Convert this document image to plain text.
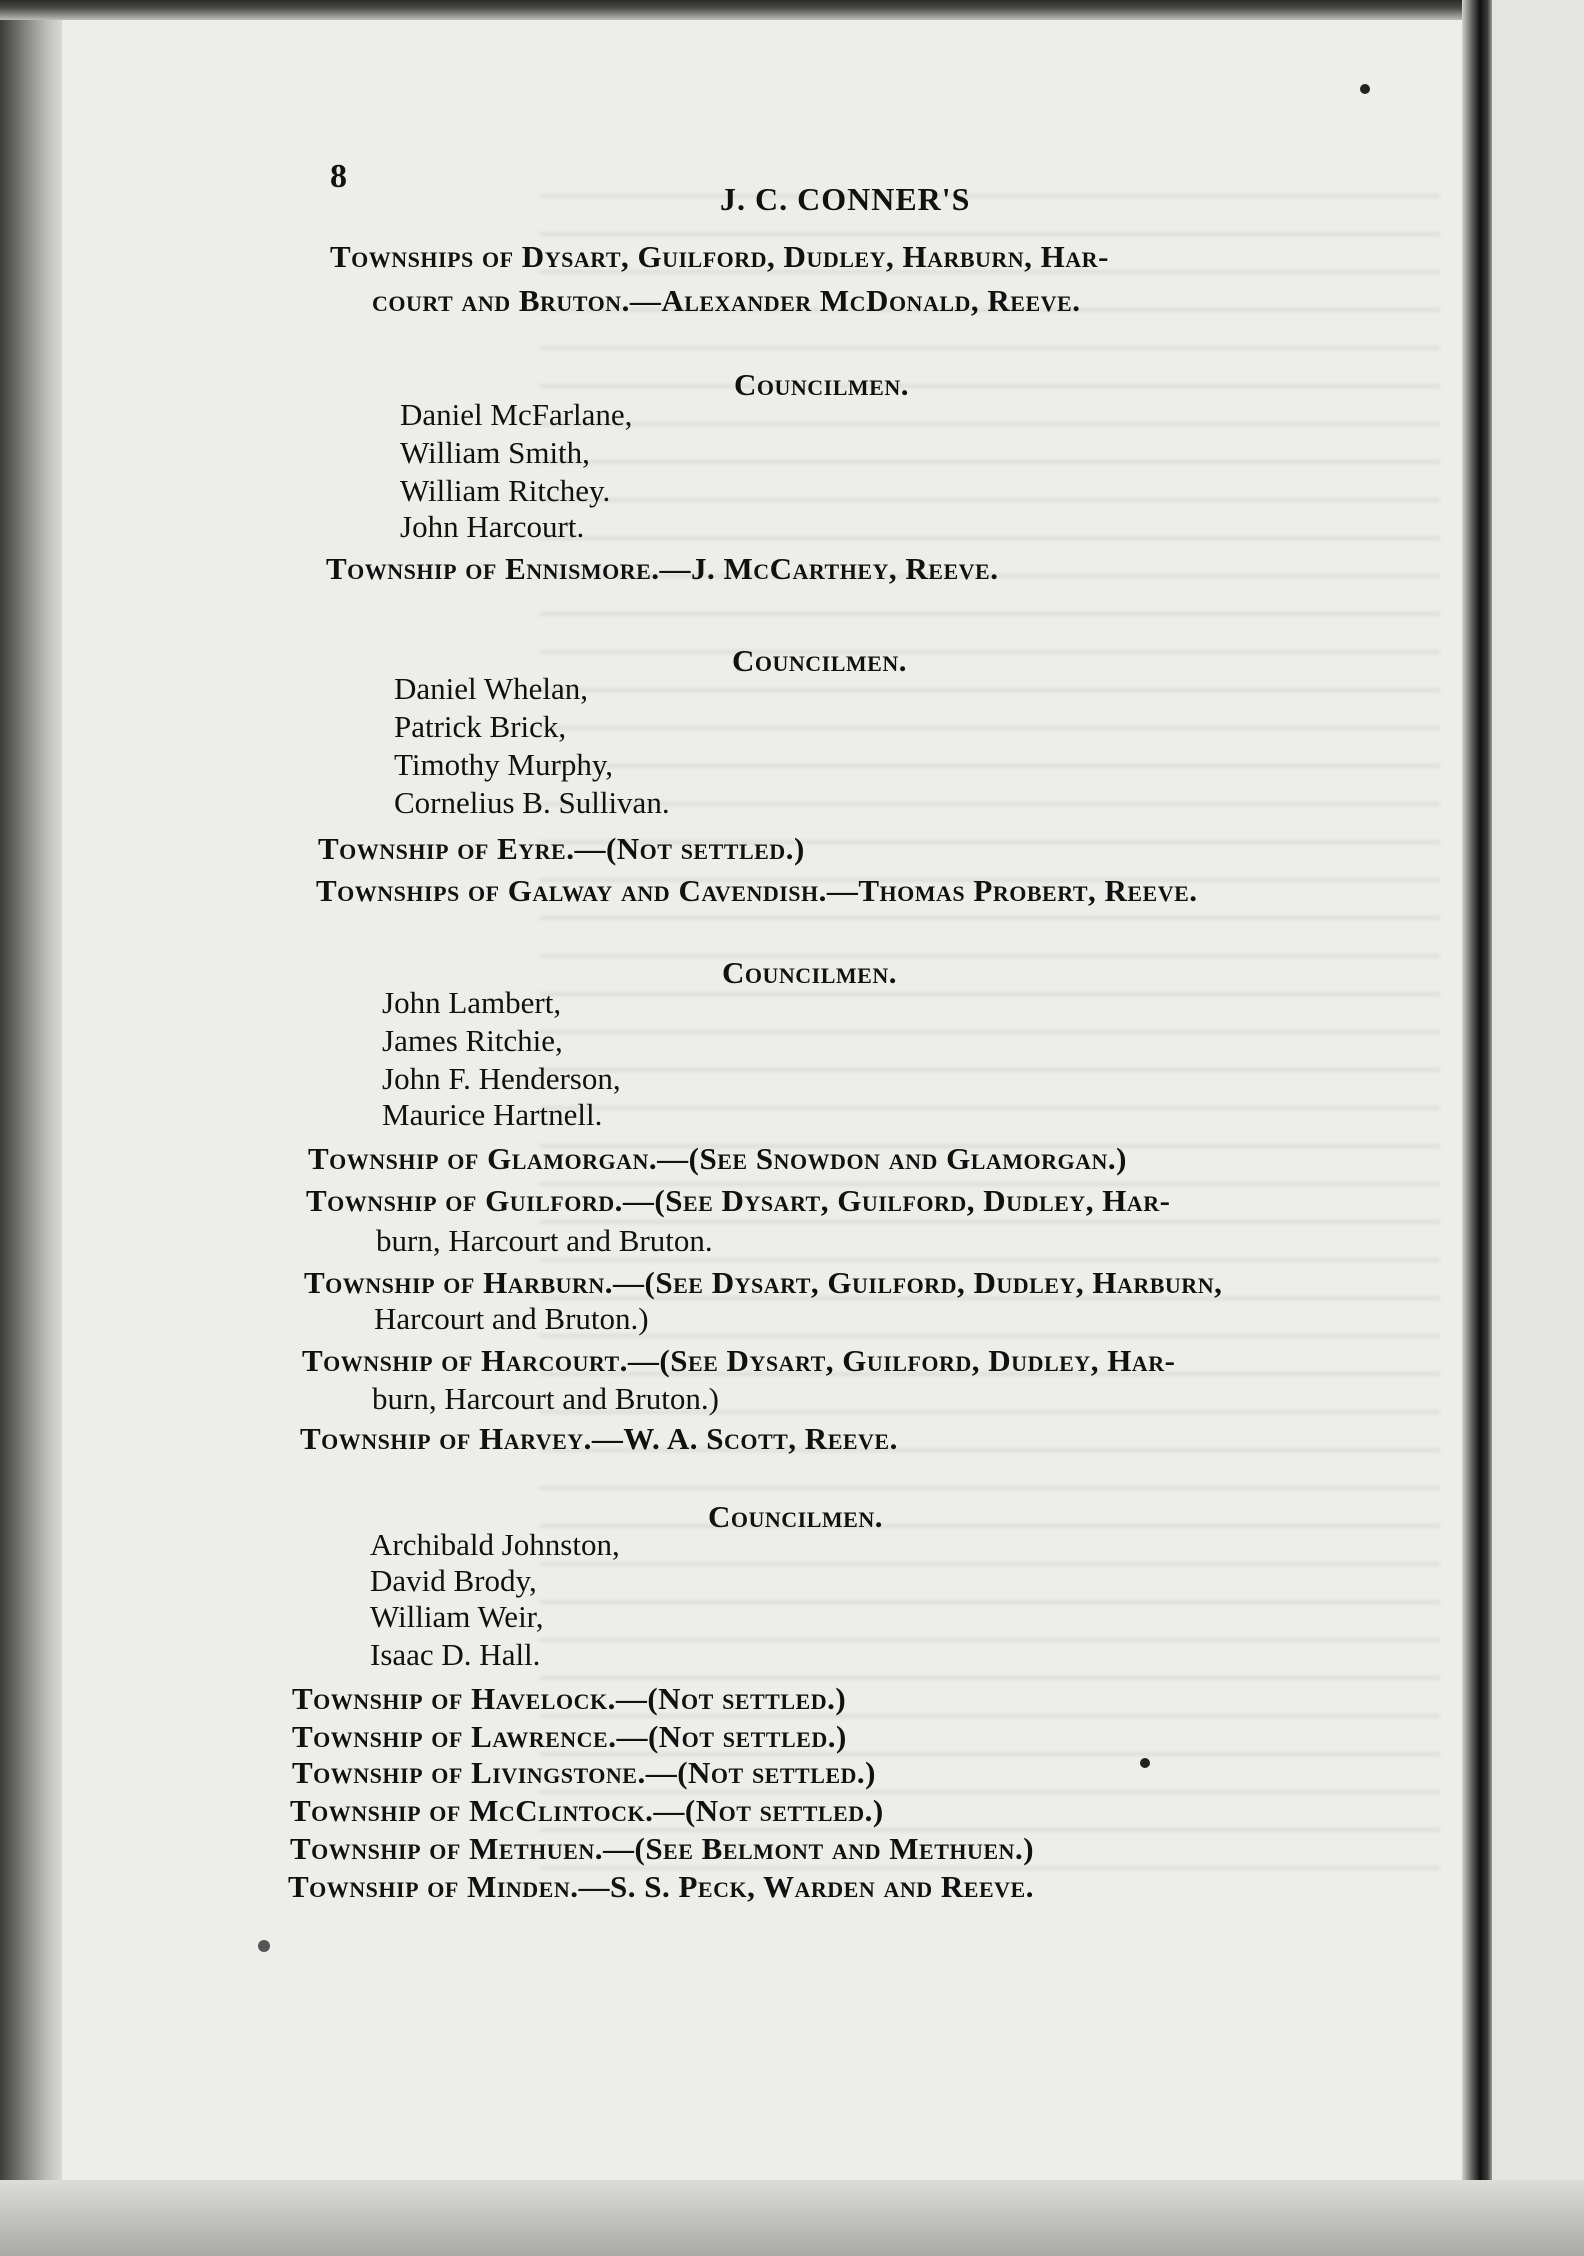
8
J. C. CONNER'S
Townships of Dysart, Guilford, Dudley, Harburn, Har-
court and Bruton.—Alexander McDonald, Reeve.
Councilmen.
Daniel McFarlane,
William Smith,
William Ritchey.
John Harcourt.
Township of Ennismore.—J. McCarthey, Reeve.
Councilmen.
Daniel Whelan,
Patrick Brick,
Timothy Murphy,
Cornelius B. Sullivan.
Township of Eyre.—(Not settled.)
Townships of Galway and Cavendish.—Thomas Probert, Reeve.
Councilmen.
John Lambert,
James Ritchie,
John F. Henderson,
Maurice Hartnell.
Township of Glamorgan.—(See Snowdon and Glamorgan.)
Township of Guilford.—(See Dysart, Guilford, Dudley, Har-
burn, Harcourt and Bruton.
Township of Harburn.—(See Dysart, Guilford, Dudley, Harburn,
Harcourt and Bruton.)
Township of Harcourt.—(See Dysart, Guilford, Dudley, Har-
burn, Harcourt and Bruton.)
Township of Harvey.—W. A. Scott, Reeve.
Councilmen.
Archibald Johnston,
David Brody,
William Weir,
Isaac D. Hall.
Township of Havelock.—(Not settled.)
Township of Lawrence.—(Not settled.)
Township of Livingstone.—(Not settled.)
Township of McClintock.—(Not settled.)
Township of Methuen.—(See Belmont and Methuen.)
Township of Minden.—S. S. Peck, Warden and Reeve.
